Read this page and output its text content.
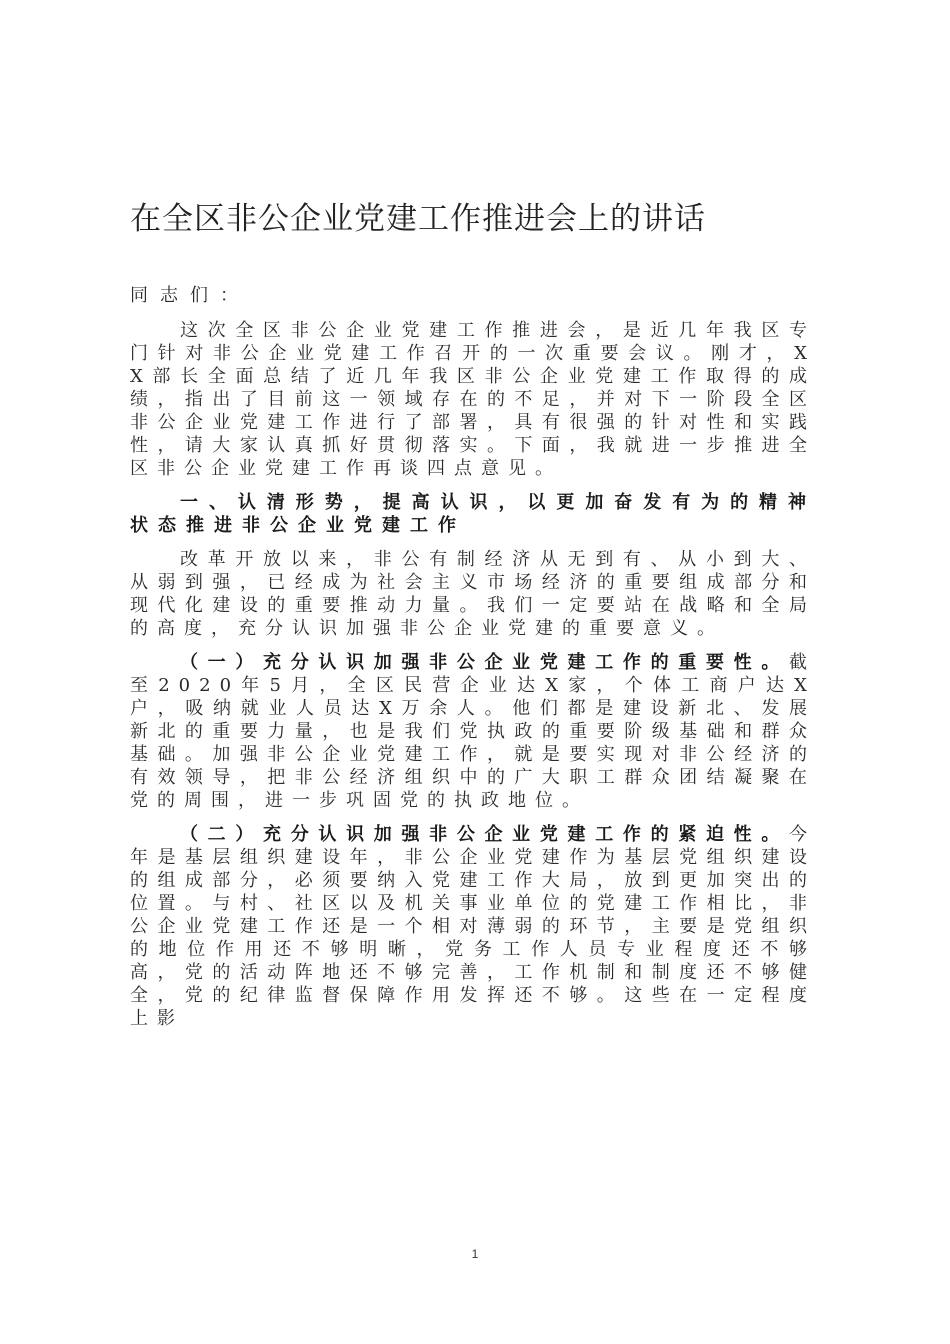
在全区非公企业党建工作推进会上的讲话

同志们：

这次全区非公企业党建工作推进会，是近几年我区专门针对非公企业党建工作召开的一次重要会议。刚才，XX部长全面总结了近几年我区非公企业党建工作取得的成绩，指出了目前这一领域存在的不足，并对下一阶段全区非公企业党建工作进行了部署，具有很强的针对性和实践性，请大家认真抓好贯彻落实。下面，我就进一步推进全区非公企业党建工作再谈四点意见。

一、认清形势，提高认识，以更加奋发有为的精神状态推进非公企业党建工作

改革开放以来，非公有制经济从无到有、从小到大、从弱到强，已经成为社会主义市场经济的重要组成部分和现代化建设的重要推动力量。我们一定要站在战略和全局的高度，充分认识加强非公企业党建的重要意义。

（一）充分认识加强非公企业党建工作的重要性。截至2020年5月，全区民营企业达X家，个体工商户达X户，吸纳就业人员达X万余人。他们都是建设新北、发展新北的重要力量，也是我们党执政的重要阶级基础和群众基础。加强非公企业党建工作，就是要实现对非公经济的有效领导，把非公经济组织中的广大职工群众团结凝聚在党的周围，进一步巩固党的执政地位。

（二）充分认识加强非公企业党建工作的紧迫性。今年是基层组织建设年，非公企业党建作为基层党组织建设的组成部分，必须要纳入党建工作大局，放到更加突出的位置。与村、社区以及机关事业单位的党建工作相比，非公企业党建工作还是一个相对薄弱的环节，主要是党组织的地位作用还不够明晰，党务工作人员专业程度还不够高，党的活动阵地还不够完善，工作机制和制度还不够健全，党的纪律监督保障作用发挥还不够。这些在一定程度上影

1
